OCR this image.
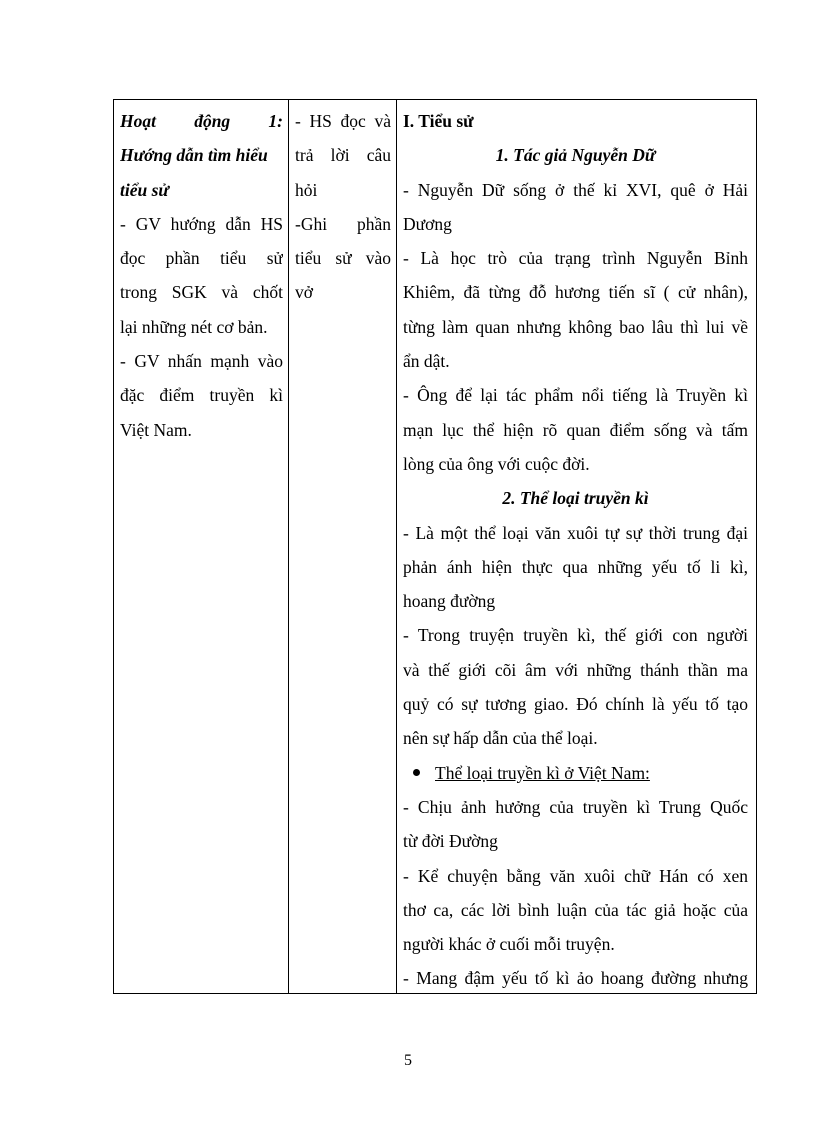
Hoạt động 1:
Hướng dẫn tìm hiểu
tiểu sử
- GV hướng dẫn HS
đọc phần tiểu sử
trong SGK và chốt
lại những nét cơ bản.
- GV nhấn mạnh vào
đặc điểm truyền kì
Việt Nam.
- HS đọc và
trả lời câu
hỏi
-Ghi phần
tiểu sử vào
vở
I. Tiểu sử
1. Tác giả Nguyễn Dữ
- Nguyễn Dữ sống ở thế kỉ XVI, quê ở Hải
Dương
- Là học trò của trạng trình Nguyễn Bỉnh
Khiêm, đã từng đỗ hương tiến sĩ ( cử nhân),
từng làm quan nhưng không bao lâu thì lui về
ẩn dật.
- Ông để lại tác phẩm nổi tiếng là Truyền kì
mạn lục thể hiện rõ quan điểm sống và tấm
lòng của ông với cuộc đời.
2. Thể loại truyền kì
- Là một thể loại văn xuôi tự sự thời trung đại
phản ánh hiện thực qua những yếu tố li kì,
hoang đường
- Trong truyện truyền kì, thế giới con người
và thế giới cõi âm với những thánh thần ma
quỷ có sự tương giao. Đó chính là yếu tố tạo
nên sự hấp dẫn của thể loại.
Thể loại truyền kì ở Việt Nam:
- Chịu ảnh hưởng của truyền kì Trung Quốc
từ đời Đường
- Kể chuyện bằng văn xuôi chữ Hán có xen
thơ ca, các lời bình luận của tác giả hoặc của
người khác ở cuối mỗi truyện.
- Mang đậm yếu tố kì ảo hoang đường nhưng
5
